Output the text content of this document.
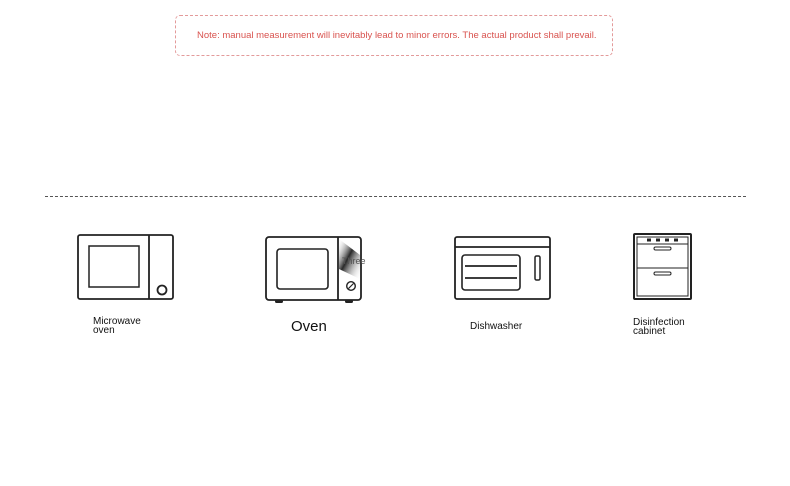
Note: manual measurement will inevitably lead to minor errors. The actual product shall prevail.
Microwave
oven
Three
Oven	Dishwasher	Disinfection
cabinet
